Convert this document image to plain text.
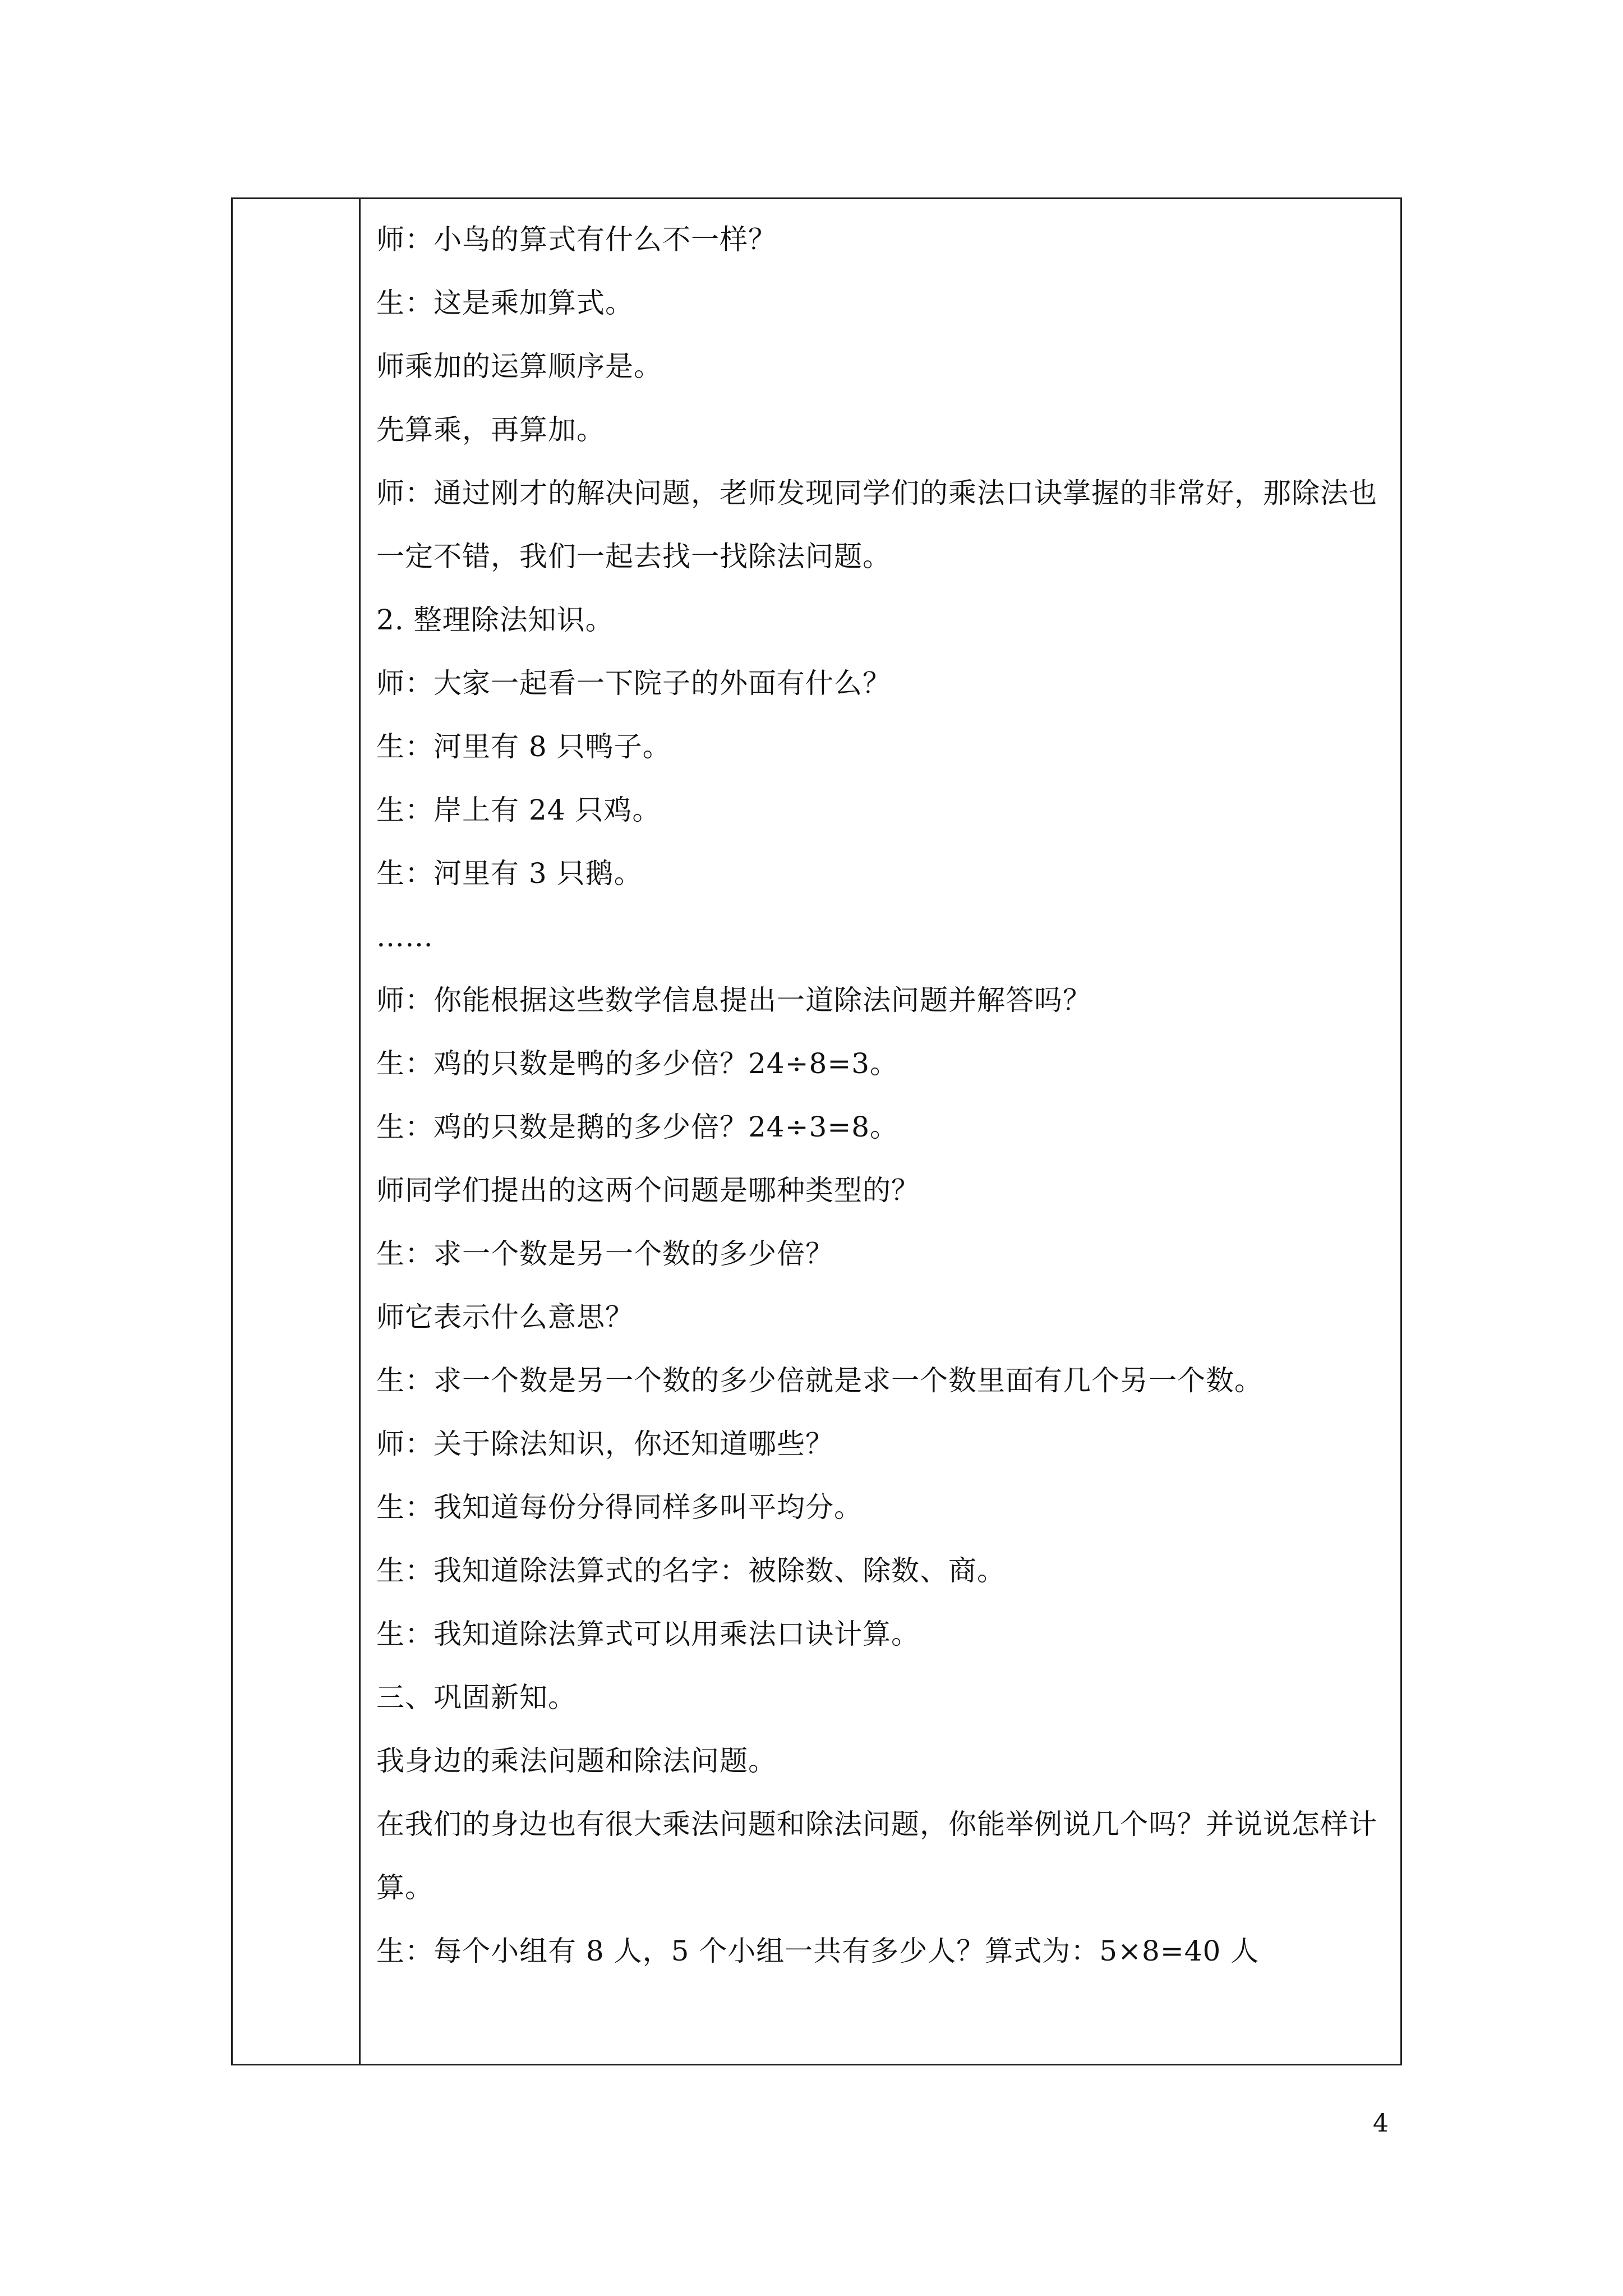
师：小鸟的算式有什么不一样？
生：这是乘加算式。
师乘加的运算顺序是。
先算乘，再算加。
师：通过刚才的解决问题，老师发现同学们的乘法口诀掌握的非常好，那除法也
一定不错，我们一起去找一找除法问题。
2. 整理除法知识。
师：大家一起看一下院子的外面有什么？
生：河里有 8 只鸭子。
生：岸上有 24 只鸡。
生：河里有 3 只鹅。
……
师：你能根据这些数学信息提出一道除法问题并解答吗？
生：鸡的只数是鸭的多少倍？24÷8=3。
生：鸡的只数是鹅的多少倍？24÷3=8。
师同学们提出的这两个问题是哪种类型的？
生：求一个数是另一个数的多少倍？
师它表示什么意思？
生：求一个数是另一个数的多少倍就是求一个数里面有几个另一个数。
师：关于除法知识，你还知道哪些？
生：我知道每份分得同样多叫平均分。
生：我知道除法算式的名字：被除数、除数、商。
生：我知道除法算式可以用乘法口诀计算。
三、巩固新知。
我身边的乘法问题和除法问题。
在我们的身边也有很大乘法问题和除法问题，你能举例说几个吗？并说说怎样计
算。
生：每个小组有 8 人，5 个小组一共有多少人？算式为：5×8=40 人
4
